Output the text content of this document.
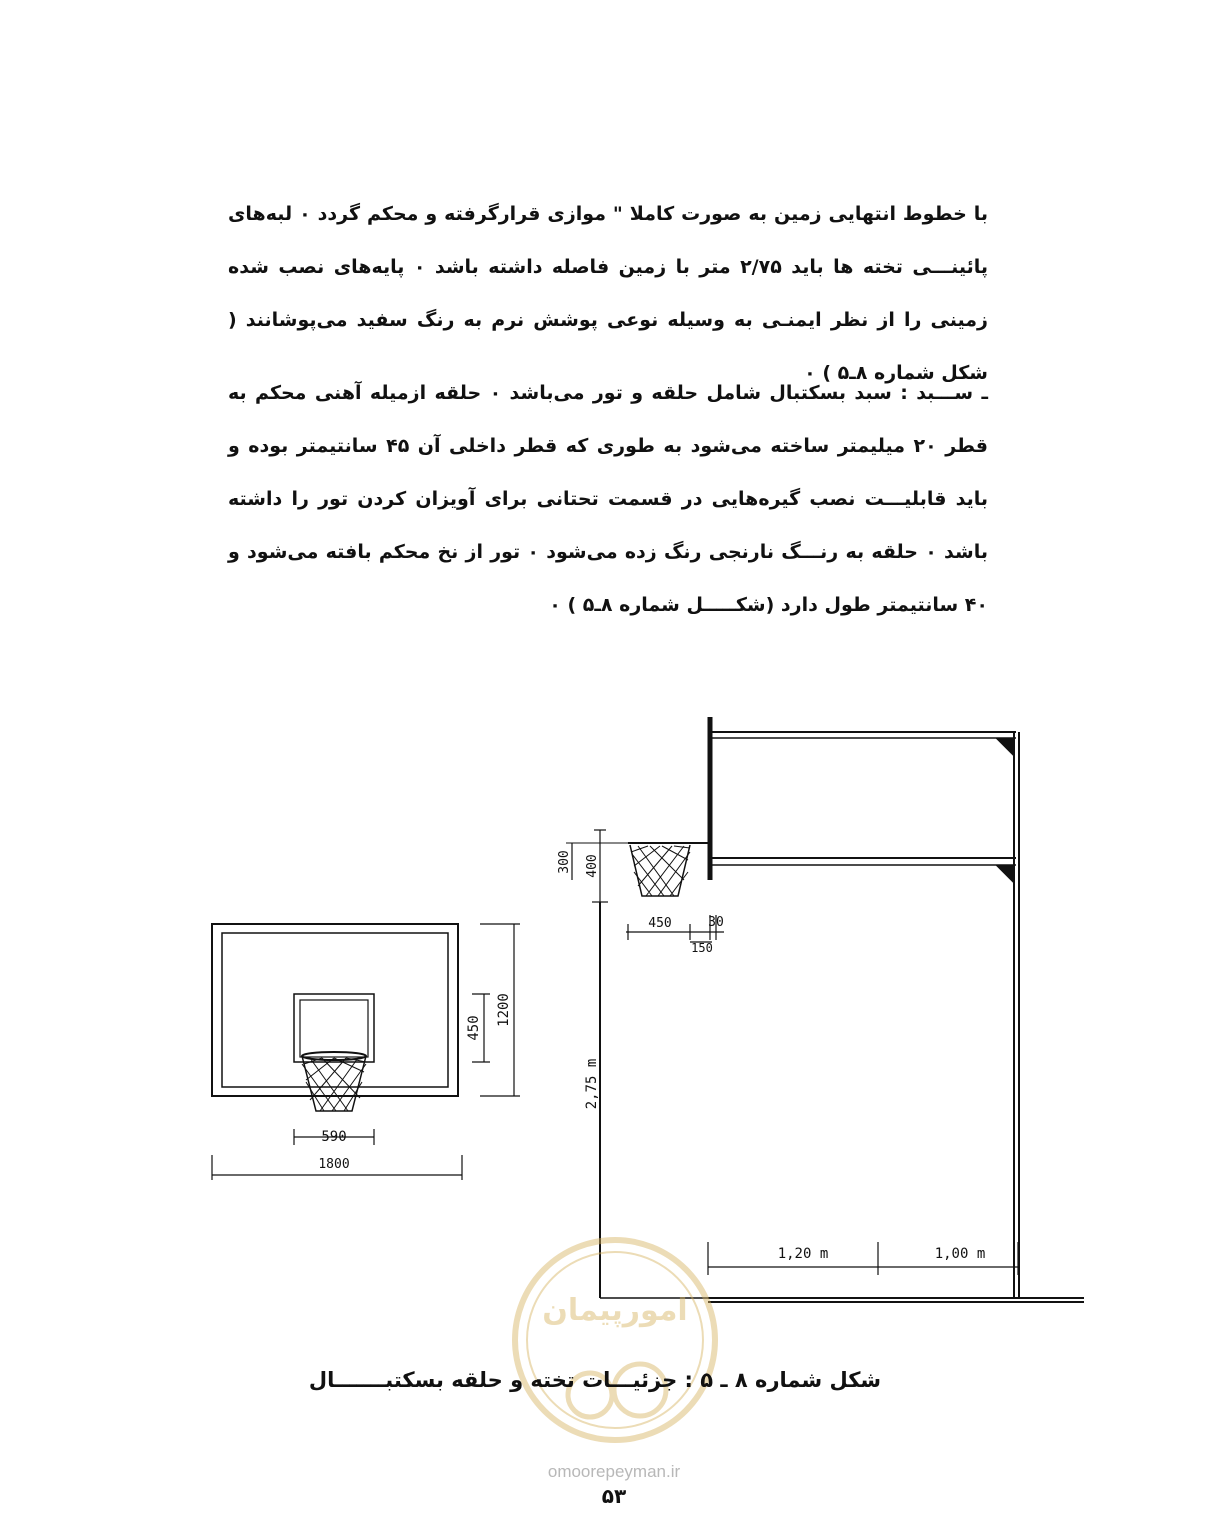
با خطوط انتهایی زمین به صورت کاملا " موازی قرارگرفته و محکم گردد ٠ لبه‌های پائینـــی تخته ها باید ۲/۷۵ متر با زمین فاصله داشته باشد ٠ پایه‌های نصب شده زمینی را از نظر ایمنـی به وسیله نوعی پوشش نرم به رنگ سفید می‌پوشانند ( شکل شماره ۸ـ۵ ) ٠

ـ ســـبد : سبد بسکتبال شامل حلقه و تور می‌باشد ٠ حلقه ازمیله آهنی محکم به قطر ۲۰ میلیمتر ساخته می‌شود به طوری که قطر داخلی آن ۴۵ سانتیمتر بوده و باید قابلیـــت نصب گیره‌هایی در قسمت تحتانی برای آویزان کردن تور را داشته باشد ٠ حلقه به رنـــگ نارنجی رنگ زده می‌شود ٠ تور از نخ محکم بافته می‌شود و ۴۰ سانتیمتر طول دارد (شکـــــل شماره ۸ـ۵ ) ٠

590
1800
450
1200
300 400
450	30
150
2,75 m
1,20 m	1,00 m
امورپیمان
شکل شماره ۸ ـ ۵ : جزئیـــات تخته و حلقه بسکتبـــــــال
omoorepeyman.ir
۵۳
